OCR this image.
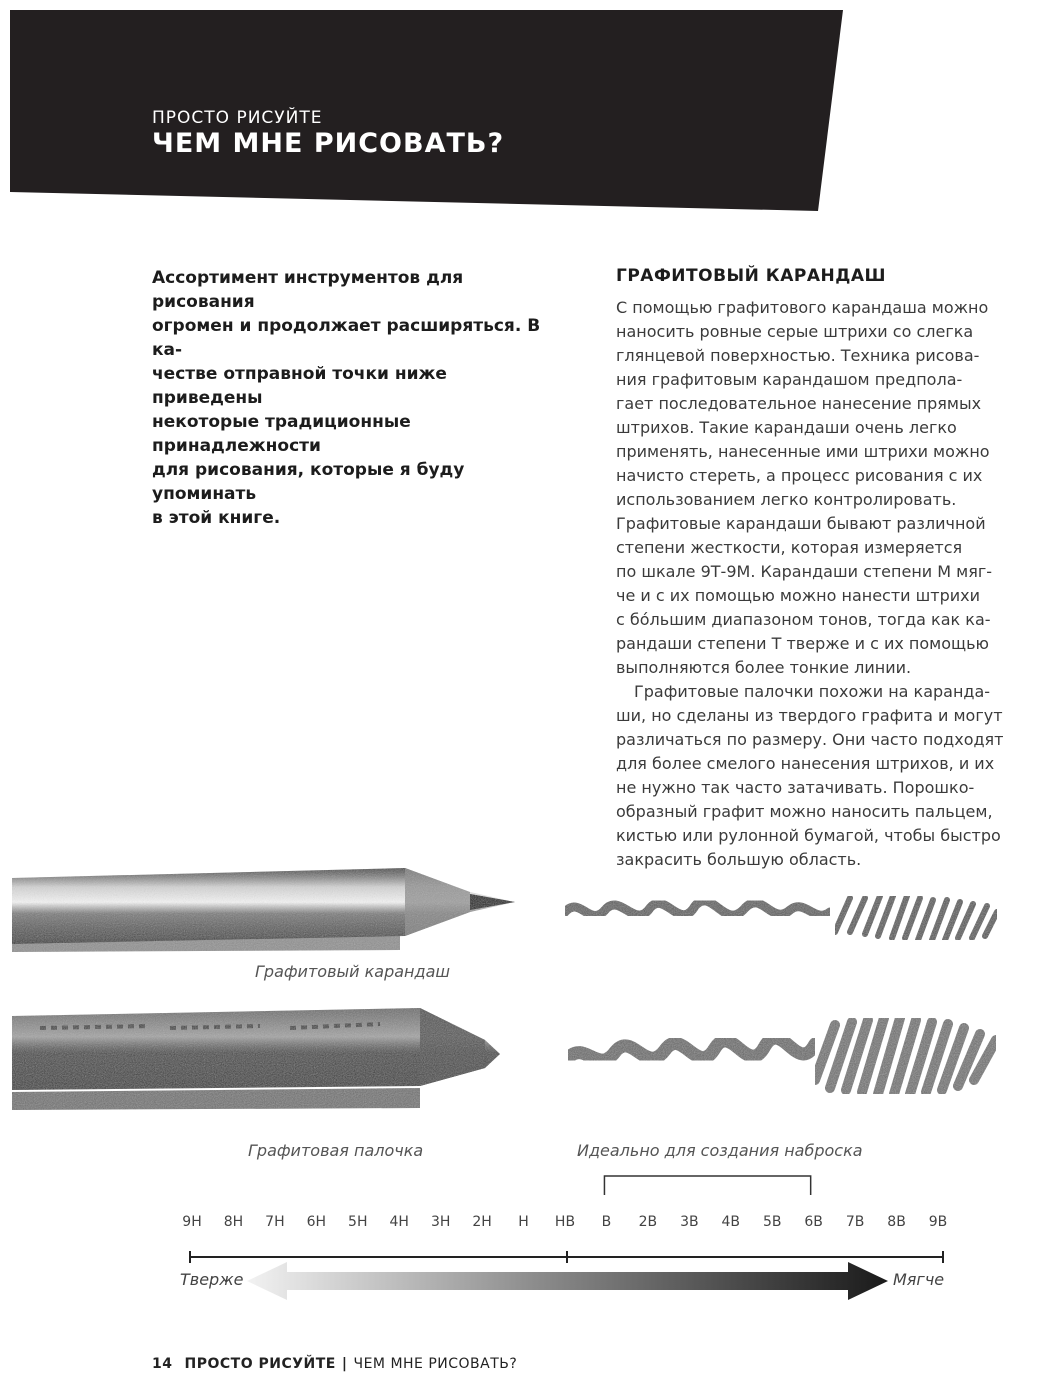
ПРОСТО РИСУЙТЕ
ЧЕМ МНЕ РИСОВАТЬ?

Ассортимент инструментов для рисования

огромен и продолжает расширяться. В ка-

честве отправной точки ниже приведены

некоторые традиционные принадлежности

для рисования, которые я буду упоминать

в этой книге.

ГРАФИТОВЫЙ КАРАНДАШ

С помощью графитового карандаша можно

наносить ровные серые штрихи со слегка

глянцевой поверхностью. Техника рисова-

ния графитовым карандашом предпола-

гает последовательное нанесение прямых

штрихов. Такие карандаши очень легко

применять, нанесенные ими штрихи можно

начисто стереть, а процесс рисования с их

использованием легко контролировать.

Графитовые карандаши бывают различной

степени жесткости, которая измеряется

по шкале 9Т-9М. Карандаши степени М мяг-

че и с их помощью можно нанести штрихи

с бо́льшим диапазоном тонов, тогда как ка-

рандаши степени Т тверже и с их помощью

выполняются более тонкие линии.

Графитовые палочки похожи на каранда-

ши, но сделаны из твердого графита и могут

различаться по размеру. Они часто подходят

для более смелого нанесения штрихов, и их

не нужно так часто затачивать. Порошко-

образный графит можно наносить пальцем,

кистью или рулонной бумагой, чтобы быстро

закрасить большую область.

Графитовый карандаш
Графитовая палочка	Идеально для создания наброска
9H	8H	7H	6H	5H	4H	3H	2H	H	HB	B	2B	3B	4B	5B	6B	7B	8B	9B
Тверже	Мягче
14 ПРОСТО РИСУЙТЕ | ЧЕМ МНЕ РИСОВАТЬ?
